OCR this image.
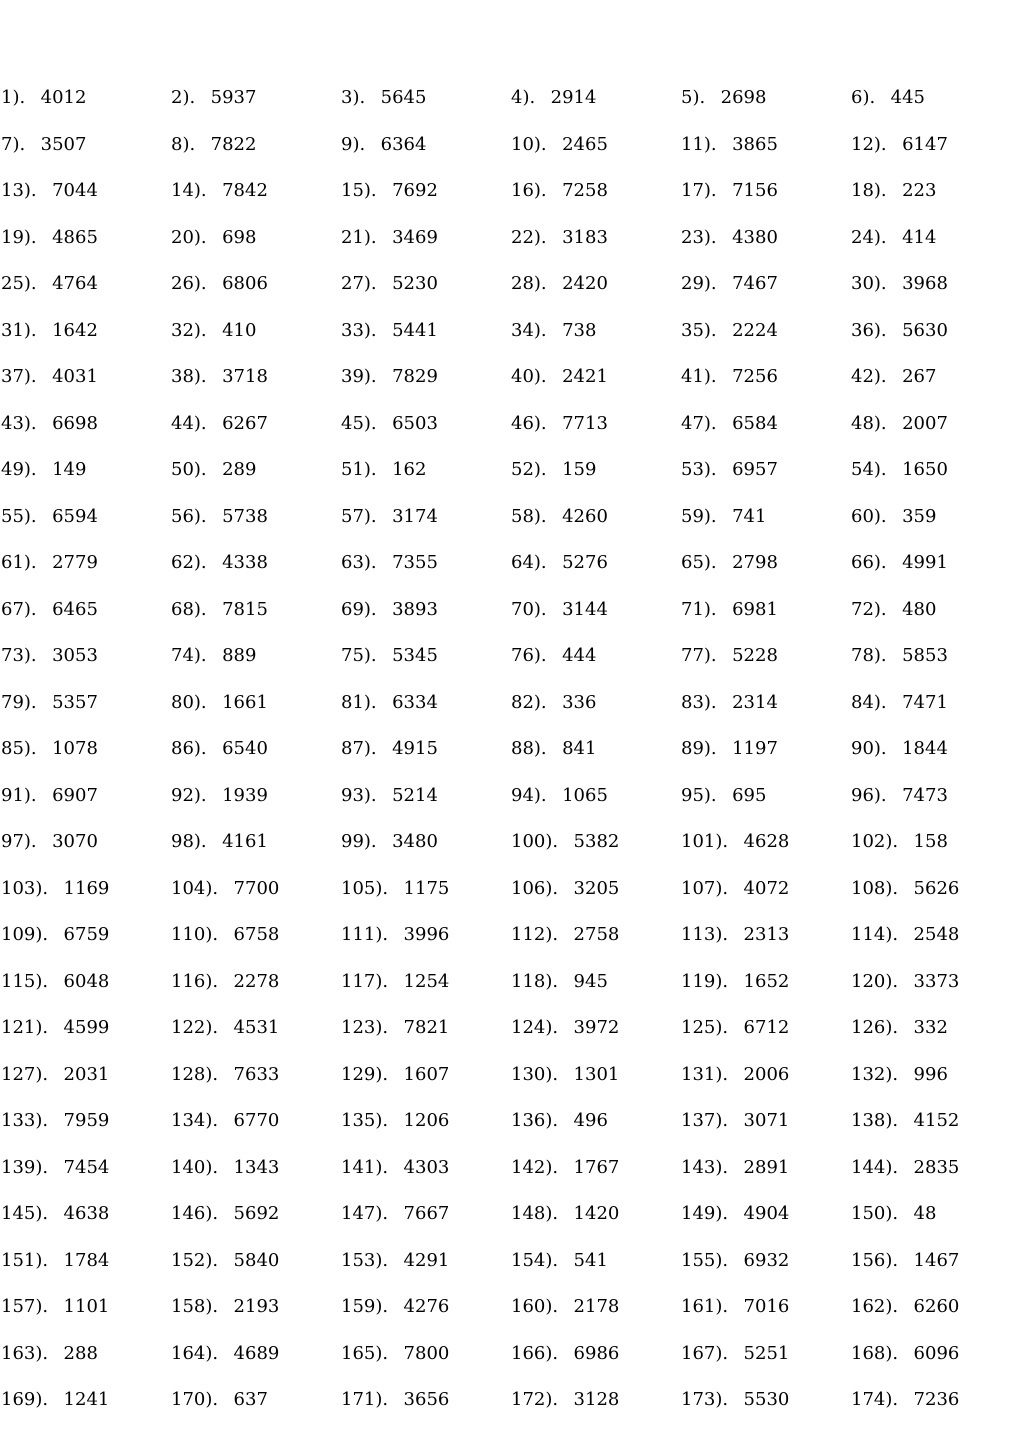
1).  4012	2).  5937	3).  5645	4).  2914	5).  2698	6).  445
7).  3507	8).  7822	9).  6364	10).  2465	11).  3865	12).  6147
13).  7044	14).  7842	15).  7692	16).  7258	17).  7156	18).  223
19).  4865	20).  698	21).  3469	22).  3183	23).  4380	24).  414
25).  4764	26).  6806	27).  5230	28).  2420	29).  7467	30).  3968
31).  1642	32).  410	33).  5441	34).  738	35).  2224	36).  5630
37).  4031	38).  3718	39).  7829	40).  2421	41).  7256	42).  267
43).  6698	44).  6267	45).  6503	46).  7713	47).  6584	48).  2007
49).  149	50).  289	51).  162	52).  159	53).  6957	54).  1650
55).  6594	56).  5738	57).  3174	58).  4260	59).  741	60).  359
61).  2779	62).  4338	63).  7355	64).  5276	65).  2798	66).  4991
67).  6465	68).  7815	69).  3893	70).  3144	71).  6981	72).  480
73).  3053	74).  889	75).  5345	76).  444	77).  5228	78).  5853
79).  5357	80).  1661	81).  6334	82).  336	83).  2314	84).  7471
85).  1078	86).  6540	87).  4915	88).  841	89).  1197	90).  1844
91).  6907	92).  1939	93).  5214	94).  1065	95).  695	96).  7473
97).  3070	98).  4161	99).  3480	100).  5382	101).  4628	102).  158
103).  1169	104).  7700	105).  1175	106).  3205	107).  4072	108).  5626
109).  6759	110).  6758	111).  3996	112).  2758	113).  2313	114).  2548
115).  6048	116).  2278	117).  1254	118).  945	119).  1652	120).  3373
121).  4599	122).  4531	123).  7821	124).  3972	125).  6712	126).  332
127).  2031	128).  7633	129).  1607	130).  1301	131).  2006	132).  996
133).  7959	134).  6770	135).  1206	136).  496	137).  3071	138).  4152
139).  7454	140).  1343	141).  4303	142).  1767	143).  2891	144).  2835
145).  4638	146).  5692	147).  7667	148).  1420	149).  4904	150).  48
151).  1784	152).  5840	153).  4291	154).  541	155).  6932	156).  1467
157).  1101	158).  2193	159).  4276	160).  2178	161).  7016	162).  6260
163).  288	164).  4689	165).  7800	166).  6986	167).  5251	168).  6096
169).  1241	170).  637	171).  3656	172).  3128	173).  5530	174).  7236
